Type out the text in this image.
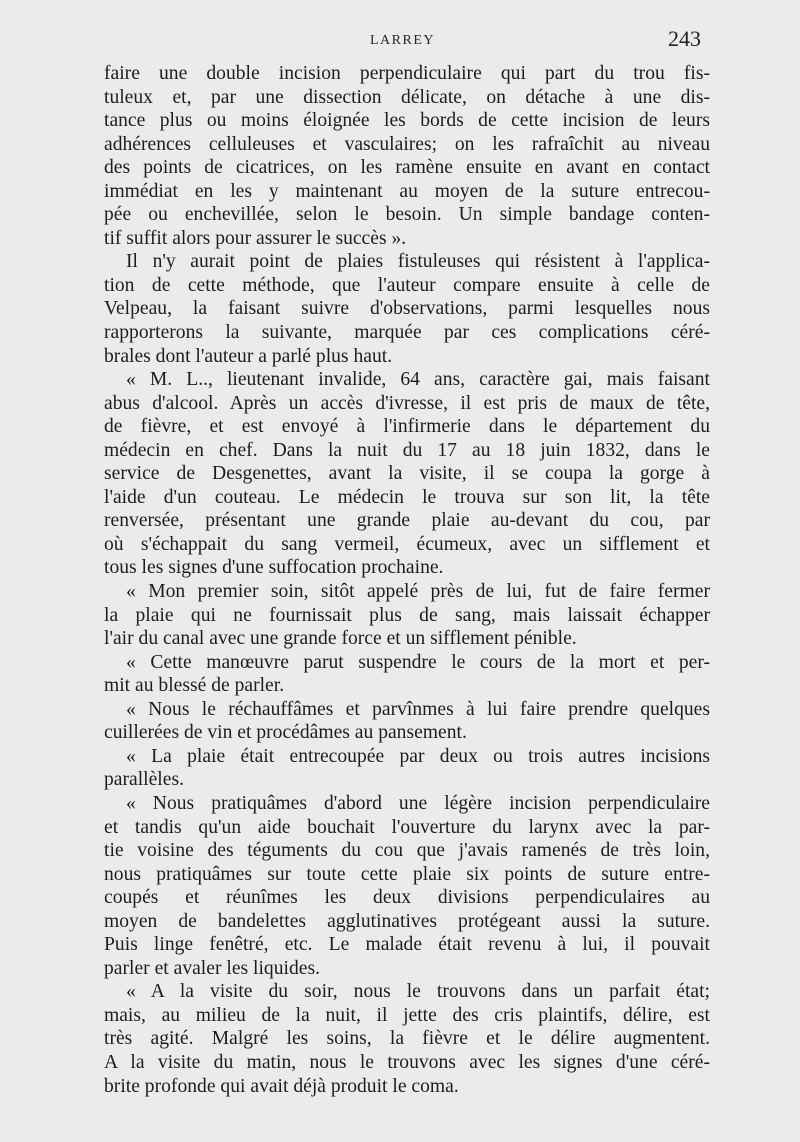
LARREY	243
faire une double incision perpendiculaire qui part du trou fis-
tuleux et, par une dissection délicate, on détache à une dis-
tance plus ou moins éloignée les bords de cette incision de leurs
adhérences celluleuses et vasculaires; on les rafraîchit au niveau
des points de cicatrices, on les ramène ensuite en avant en contact
immédiat en les y maintenant au moyen de la suture entrecou-
pée ou enchevillée, selon le besoin. Un simple bandage conten-
tif suffit alors pour assurer le succès ».
Il n'y aurait point de plaies fistuleuses qui résistent à l'applica-
tion de cette méthode, que l'auteur compare ensuite à celle de
Velpeau, la faisant suivre d'observations, parmi lesquelles nous
rapporterons la suivante, marquée par ces complications céré-
brales dont l'auteur a parlé plus haut.
« M. L.., lieutenant invalide, 64 ans, caractère gai, mais faisant
abus d'alcool. Après un accès d'ivresse, il est pris de maux de tête,
de fièvre, et est envoyé à l'infirmerie dans le département du
médecin en chef. Dans la nuit du 17 au 18 juin 1832, dans le
service de Desgenettes, avant la visite, il se coupa la gorge à
l'aide d'un couteau. Le médecin le trouva sur son lit, la tête
renversée, présentant une grande plaie au-devant du cou, par
où s'échappait du sang vermeil, écumeux, avec un sifflement et
tous les signes d'une suffocation prochaine.
« Mon premier soin, sitôt appelé près de lui, fut de faire fermer
la plaie qui ne fournissait plus de sang, mais laissait échapper
l'air du canal avec une grande force et un sifflement pénible.
« Cette manœuvre parut suspendre le cours de la mort et per-
mit au blessé de parler.
« Nous le réchauffâmes et parvînmes à lui faire prendre quelques
cuillerées de vin et procédâmes au pansement.
« La plaie était entrecoupée par deux ou trois autres incisions
parallèles.
« Nous pratiquâmes d'abord une légère incision perpendiculaire
et tandis qu'un aide bouchait l'ouverture du larynx avec la par-
tie voisine des téguments du cou que j'avais ramenés de très loin,
nous pratiquâmes sur toute cette plaie six points de suture entre-
coupés et réunîmes les deux divisions perpendiculaires au
moyen de bandelettes agglutinatives protégeant aussi la suture.
Puis linge fenêtré, etc. Le malade était revenu à lui, il pouvait
parler et avaler les liquides.
« A la visite du soir, nous le trouvons dans un parfait état;
mais, au milieu de la nuit, il jette des cris plaintifs, délire, est
très agité. Malgré les soins, la fièvre et le délire augmentent.
A la visite du matin, nous le trouvons avec les signes d'une céré-
brite profonde qui avait déjà produit le coma.
